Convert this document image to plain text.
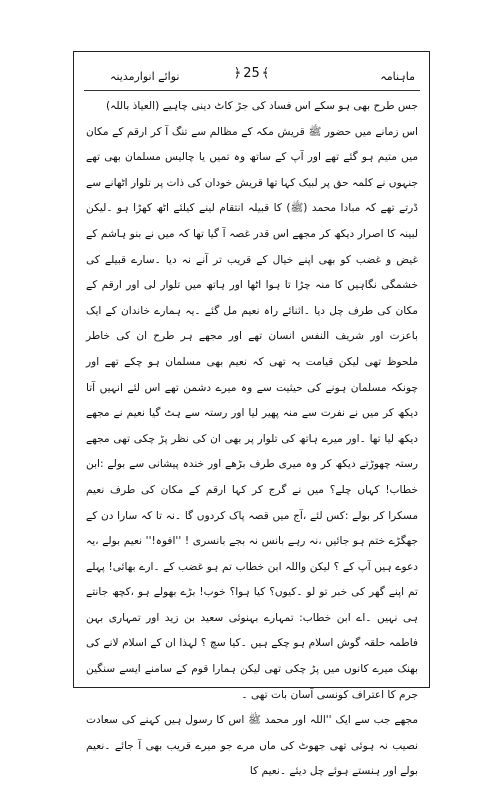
ماہنامہ
﴾ 25 ﴿
نوائے انوارمدینہ

جس طرح بھی ہو سکے اس فساد کی جڑ کاٹ دینی چاہیے (العیاذ باللہ)

اس زمانے میں حضور ﷺ قریش مکہ کے مظالم سے تنگ آ کر ارقم کے مکان میں متیم ہو گئے تھے اور آپ کے ساتھ وہ تمیں یا چالیس مسلمان بھی تھے جنہوں نے کلمہ حق پر لبیک کہا تھا قریش خودان کی ذات پر تلوار اٹھانے سے ڈرتے تھے کہ مبادا محمد (ﷺ) کا قبیلہ انتقام لینے کیلئے اٹھ کھڑا ہو ۔لیکن لبینہ کا اصرار دیکھ کر مجھے اس قدر غصہ آ گیا تھا کہ میں نے بنو ہاشم کے غیض و غضب کو بھی اپنے خیال کے قریب تر آنے نہ دیا ۔سارے قبیلے کی خشمگی نگاہیں کا منہ چڑا تا ہوا اٹھا اور ہاتھ میں تلوار لی اور ارقم کے مکان کی طرف چل دیا ۔اثنائے راہ نعیم مل گئے ۔یہ ہمارے خاندان کے ایک باعزت اور شریف النفس انسان تھے اور مجھے ہر طرح ان کی خاطر ملحوظ تھی لیکن قیامت یہ تھی کہ نعیم بھی مسلمان ہو چکے تھے اور چونکہ مسلمان ہونے کی حیثیت سے وہ میرے دشمن تھے اس لئے انہیں آتا دیکھ کر میں نے نفرت سے منہ پھیر لیا اور رستہ سے ہٹ گیا نعیم نے مجھے دیکھ لیا تھا ۔اور میرے ہاتھ کی تلوار پر بھی ان کی نظر پڑ چکی تھی مجھے رستہ چھوڑتے دیکھ کر وہ میری طرف بڑھے اور خندہ پیشانی سے بولے :ابن خطاب! کہاں چلے؟ میں نے گرج کر کہا ارقم کے مکان کی طرف نعیم مسکرا کر بولے :کس لئے ،آج میں قصہ پاک کردوں گا ۔نہ تا کہ سارا دن کے جھگڑے ختم ہو جائیں ،نہ رہے بانس نہ بجے بانسری ! ''افوہ!'' نعیم بولے ،یہ دعوے ہیں آپ کے ؟ لیکن واللہ ابن خطاب تم ہو غضب کے ۔ارے بھائی! پہلے تم اپنے گھر کی خبر تو لو ۔کیوں؟ کیا ہوا؟ خوب! بڑے بھولے ہو ،کچھ جانتے ہی نہیں ۔اے ابن خطاب: تمہارے بہنوئی سعید بن زید اور تمہاری بہن فاطمہ حلقہ گوش اسلام ہو چکے ہیں ۔کیا سچ ؟ لہذا ان کے اسلام لانے کی بھنک میرے کانوں میں پڑ چکی تھی لیکن ہمارا قوم کے سامنے ایسے سنگین جرم کا اعتراف کونسی آسان بات تھی ۔

مجھے جب سے ایک ''اللہ اور محمد ﷺ اس کا رسول ہیں کہنے کی سعادت نصیب نہ ہوئی تھی جھوٹ کی ماں مرے جو میرے قریب بھی آ جائے ۔نعیم بولے اور ہنستے ہوئے چل دیئے ۔نعیم کا
